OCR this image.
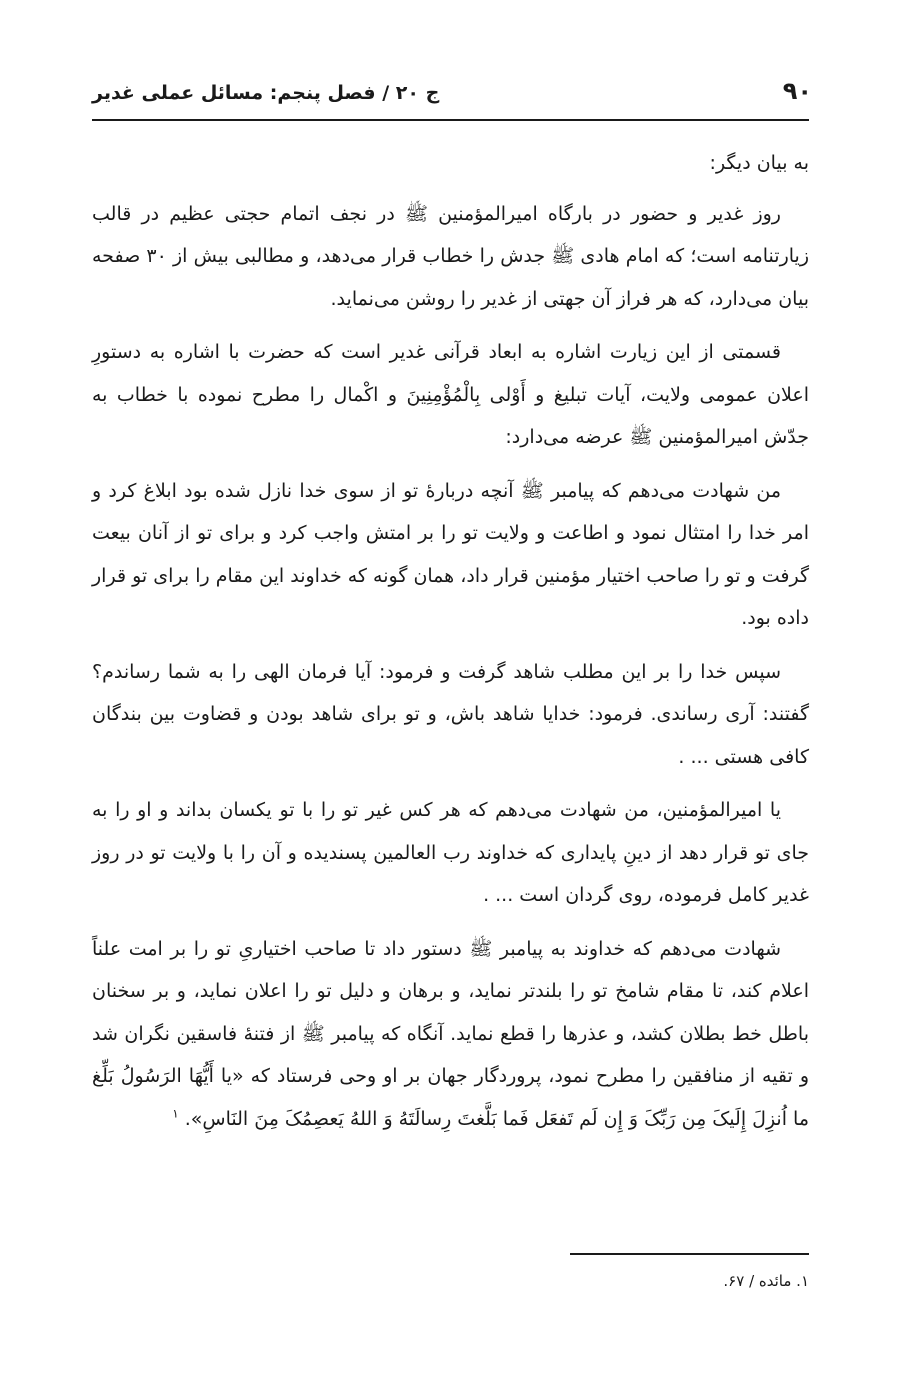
۹۰
ج ۲۰ / فصل پنجم: مسائل عملی غدیر

به بیان دیگر:

روز غدیر و حضور در بارگاه امیرالمؤمنین ﷺ در نجف اتمام حجتی عظیم در قالب زیارتنامه است؛ که امام هادی ﷺ جدش را خطاب قرار می‌دهد، و مطالبی بیش از ۳۰ صفحه بیان می‌دارد، که هر فراز آن جهتی از غدیر را روشن می‌نماید.

قسمتی از این زیارت اشاره به ابعاد قرآنی غدیر است که حضرت با اشاره به دستورِ اعلان عمومی ولایت، آیات تبلیغ و أَوْلی بِالْمُؤْمِنِینَ و اکْمال را مطرح نموده با خطاب به جدّش امیرالمؤمنین ﷺ عرضه می‌دارد:

من شهادت می‌دهم که پیامبر ﷺ آنچه دربارهٔ تو از سوی خدا نازل شده بود ابلاغ کرد و امر خدا را امتثال نمود و اطاعت و ولایت تو را بر امتش واجب کرد و برای تو از آنان بیعت گرفت و تو را صاحب اختیار مؤمنین قرار داد، همان گونه که خداوند این مقام را برای تو قرار داده بود.

سپس خدا را بر این مطلب شاهد گرفت و فرمود: آیا فرمان الهی را به شما رساندم؟ گفتند: آری رساندی. فرمود: خدایا شاهد باش، و تو برای شاهد بودن و قضاوت بین بندگان کافی هستی ... .

یا امیرالمؤمنین، من شهادت می‌دهم که هر کس غیر تو را با تو یکسان بداند و او را به جای تو قرار دهد از دینِ پایداری که خداوند رب العالمین پسندیده و آن را با ولایت تو در روز غدیر کامل فرموده، روی گردان است ... .

شهادت می‌دهم که خداوند به پیامبر ﷺ دستور داد تا صاحب اختیاریِ تو را بر امت علناً اعلام کند، تا مقام شامخ تو را بلندتر نماید، و برهان و دلیل تو را اعلان نماید، و بر سخنان باطل خط بطلان کشد، و عذرها را قطع نماید. آنگاه که پیامبر ﷺ از فتنهٔ فاسقین نگران شد و تقیه از منافقین را مطرح نمود، پروردگار جهان بر او وحی فرستاد که «یا أَیُّهَا الرَسُولُ بَلِّغ ما اُنزِلَ إِلَیکَ مِن رَبِّکَ وَ إِن لَم تَفعَل فَما بَلَّغتَ رِسالَتَهُ وَ اللهُ یَعصِمُکَ مِنَ النَاسِ». $^۱$

۱. مائده / ۶۷.
